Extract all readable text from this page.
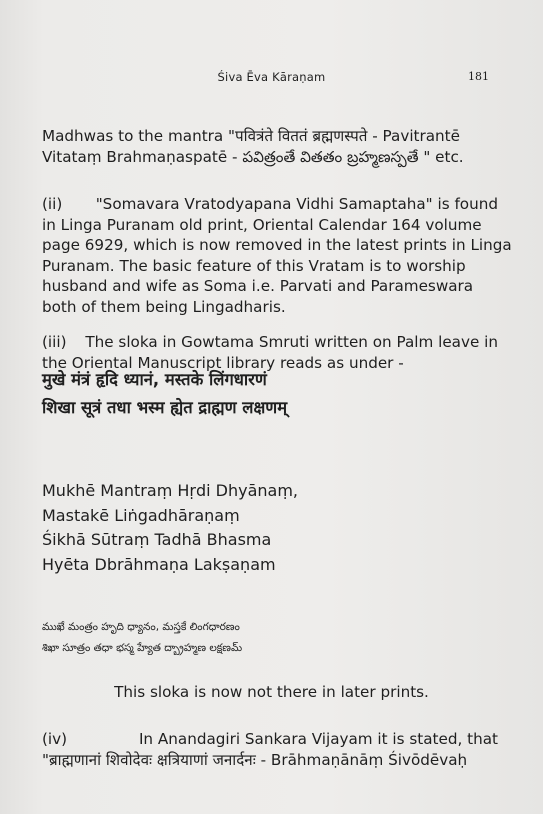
Śiva Ēva Kāraṇam	181
Madhwas to the mantra "पवित्रंते विततं ब्रह्मणस्पते - Pavitrantē
Vitataṃ Brahmaṇaspatē - పవిత్రంతే వితతం బ్రహ్మణస్పతే " etc.
(ii) "Somavara Vratodyapana Vidhi Samaptaha" is found
in Linga Puranam old print, Oriental Calendar 164 volume
page 6929, which is now removed in the latest prints in Linga
Puranam. The basic feature of this Vratam is to worship
husband and wife as Soma i.e. Parvati and Parameswara
both of them being Lingadharis.
(iii) The sloka in Gowtama Smruti written on Palm leave in
the Oriental Manuscript library reads as under -
मुखे मंत्रं हृदि ध्यानं, मस्तके लिंगधारणं
शिखा सूत्रं तधा भस्म ह्येत द्राह्मण लक्षणम्
Mukhē Mantraṃ Hṛdi Dhyānaṃ,
Mastakē Liṅgadhāraṇaṃ
Śikhā Sūtraṃ Tadhā Bhasma
Hyēta Dbrāhmaṇa Lakṣaṇam
ముఖే మంత్రం హృది ధ్యానం, మస్తకే లింగధారణం
శిఖా సూత్రం తధా భస్మ హ్యేత ద్బ్రాహ్మణ లక్షణమ్
This sloka is now not there in later prints.
(iv)	In Anandagiri Sankara Vijayam it is stated, that
"ब्राह्मणानां शिवोदेवः क्षत्रियाणां जनार्दनः - Brāhmaṇānāṃ Śivōdēvaḥ
